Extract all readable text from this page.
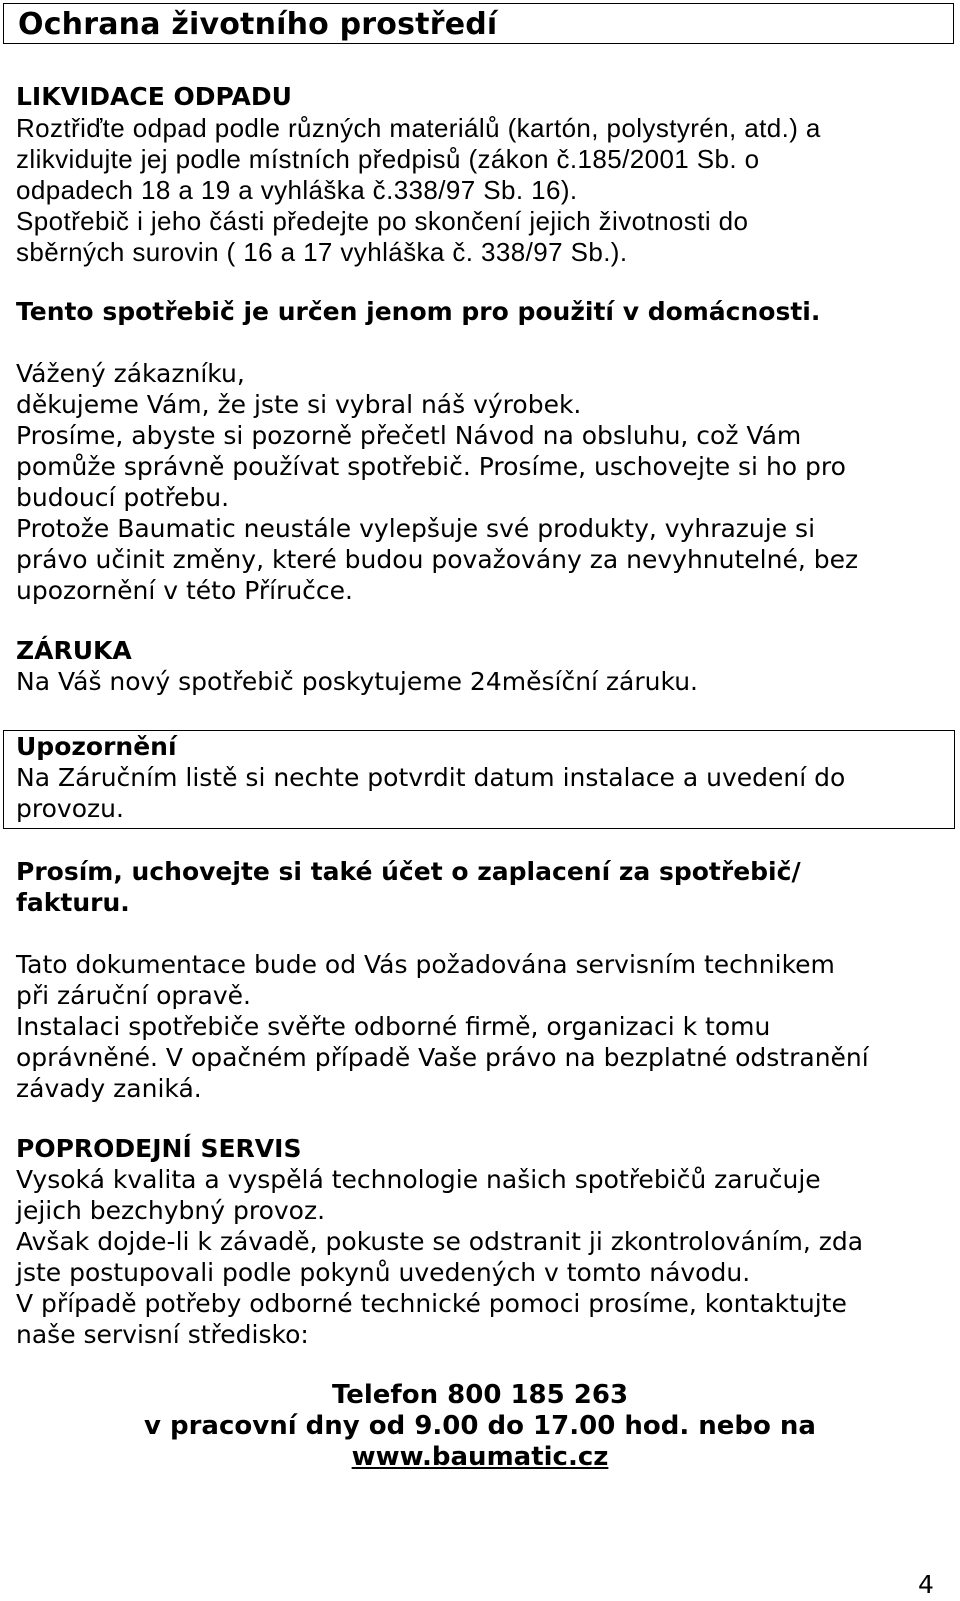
Ochrana životního prostředí
LIKVIDACE ODPADU
Roztřiďte odpad podle různých materiálů (kartón, polystyrén, atd.) a
zlikvidujte jej podle místních předpisů (zákon č.185/2001 Sb. o
odpadech 18 a 19 a vyhláška č.338/97 Sb. 16).
Spotřebič i jeho části předejte po skončení jejich životnosti do
sběrných surovin ( 16 a 17 vyhláška č. 338/97 Sb.).
Tento spotřebič je určen jenom pro použití v domácnosti.
Vážený zákazníku,
děkujeme Vám, že jste si vybral náš výrobek.
Prosíme, abyste si pozorně přečetl Návod na obsluhu, což Vám
pomůže správně používat spotřebič. Prosíme, uschovejte si ho pro
budoucí potřebu.
Protože Baumatic neustále vylepšuje své produkty, vyhrazuje si
právo učinit změny, které budou považovány za nevyhnutelné, bez
upozornění v této Příručce.
ZÁRUKA
Na Váš nový spotřebič poskytujeme 24měsíční záruku.
Upozornění
Na Záručním listě si nechte potvrdit datum instalace a uvedení do
provozu.
Prosím, uchovejte si také účet o zaplacení za spotřebič/
fakturu.
Tato dokumentace bude od Vás požadována servisním technikem
při záruční opravě.
Instalaci spotřebiče svěřte odborné firmě, organizaci k tomu
oprávněné. V opačném případě Vaše právo na bezplatné odstranění
závady zaniká.
POPRODEJNÍ SERVIS
Vysoká kvalita a vyspělá technologie našich spotřebičů zaručuje
jejich bezchybný provoz.
Avšak dojde-li k závadě, pokuste se odstranit ji zkontrolováním, zda
jste postupovali podle pokynů uvedených v tomto návodu.
V případě potřeby odborné technické pomoci prosíme, kontaktujte
naše servisní středisko:
Telefon 800 185 263
v pracovní dny od 9.00 do 17.00 hod. nebo na
www.baumatic.cz
4
